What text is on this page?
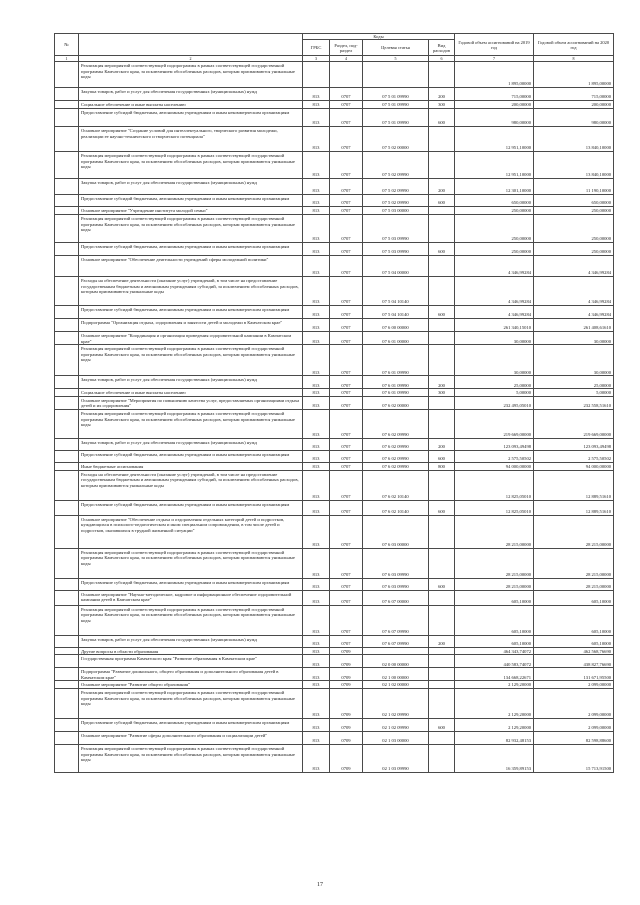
№		Коды				Годовой объем ассигнований на 2019 год	Годовой объем ассигнований на 2020 год
		ГРБС	Раздел, под-раздел	Целевая статья	Вид расходов		
1	2	3	4	5	6	7	8
	Реализация мероприятий соответствующей подпрограммы в рамках соответствующей государственной программы Камчатского края, за исключением обособленных расходов, которым присваиваются уникальные коды					1 895,00000	1 895,00000
	Закупка товаров, работ и услуг для обеспечения государственных (муниципальных) нужд	813	0707	07 5 01 09990	200	715,00000	715,00000
	Социальное обеспечение и иные выплаты населению	813	0707	07 5 01 09990	300	200,00000	200,00000
	Предоставление субсидий бюджетным, автономным учреждениям и иным некоммерческим организациям	813	0707	07 5 01 09990	600	980,00000	980,00000
	Основное мероприятие "Создание условий для интеллектуального, творческого развития молодежи, реализации ее научно-технического и творческого потенциала"	813	0707	07 5 02 00000		12 951,10000	13 840,10000
	Реализация мероприятий соответствующей подпрограммы в рамках соответствующей государственной программы Камчатского края, за исключением обособленных расходов, которым присваиваются уникальные коды	813	0707	07 5 02 09990		12 951,10000	13 840,10000
	Закупка товаров, работ и услуг для обеспечения государственных (муниципальных) нужд	813	0707	07 5 02 09990	200	12 301,10000	11 190,10000
	Предоставление субсидий бюджетным, автономным учреждениям и иным некоммерческим организациям	813	0707	07 5 02 09990	600	650,00000	650,00000
	Основное мероприятие "Учреждение института молодой семьи"	813	0707	07 5 03 00000		250,00000	250,00000
	Реализация мероприятий соответствующей подпрограммы в рамках соответствующей государственной программы Камчатского края, за исключением обособленных расходов, которым присваиваются уникальные коды	813	0707	07 5 03 09990		250,00000	250,00000
	Предоставление субсидий бюджетным, автономным учреждениям и иным некоммерческим организациям	813	0707	07 5 03 09990	600	250,00000	250,00000
	Основное мероприятие "Обеспечение деятельности учреждений сферы молодежной политики"	813	0707	07 5 04 00000		4 346,99284	4 346,99284
	Расходы на обеспечение деятельности (оказание услуг) учреждений, в том числе на предоставление государственным бюджетным и автономным учреждениям субсидий, за исключением обособленных расходов, которым присваиваются уникальные коды	813	0707	07 5 04 10140		4 346,99284	4 346,99284
	Предоставление субсидий бюджетным, автономным учреждениям и иным некоммерческим организациям	813	0707	07 5 04 10140	600	4 346,99284	4 346,99284
	Подпрограмма "Организация отдыха, оздоровления и занятости детей и молодежи в Камчатском крае"	813	0707	07 6 00 00000		261 340,15010	261 408,61610
	Основное мероприятие "Координация и организация проведения оздоровительной кампании в Камчатском крае"	813	0707	07 6 01 00000		30,00000	30,00000
	Реализация мероприятий соответствующей подпрограммы в рамках соответствующей государственной программы Камчатского края, за исключением обособленных расходов, которым присваиваются уникальные коды	813	0707	07 6 01 09990		30,00000	30,00000
	Закупка товаров, работ и услуг для обеспечения государственных (муниципальных) нужд	813	0707	07 6 01 09990	200	25,00000	25,00000
	Социальное обеспечение и иные выплаты населению	813	0707	07 6 01 09990	300	5,00000	5,00000
	Основное мероприятие "Мероприятия по повышению качества услуг, предоставляемых организациями отдыха детей и их оздоровления"	813	0707	07 6 02 00000		232 495,05010	232 558,51610
	Реализация мероприятий соответствующей подпрограммы в рамках соответствующей государственной программы Камчатского края, за исключением обособленных расходов, которым присваиваются уникальные коды	813	0707	07 6 02 09990		219 669,00000	219 669,00000
	Закупка товаров, работ и услуг для обеспечения государственных (муниципальных) нужд	813	0707	07 6 02 09990	200	123 093,49498	123 093,49498
	Предоставление субсидий бюджетным, автономным учреждениям и иным некоммерческим организациям	813	0707	07 6 02 09990	600	2 575,50502	2 575,50502
	Иные бюджетные ассигнования	813	0707	07 6 02 09990	800	94 000,00000	94 000,00000
	Расходы на обеспечение деятельности (оказание услуг) учреждений, в том числе на предоставление государственным бюджетным и автономным учреждениям субсидий, за исключением обособленных расходов, которым присваиваются уникальные коды	813	0707	07 6 02 10140		12 825,05010	12 889,51610
	Предоставление субсидий бюджетным, автономным учреждениям и иным некоммерческим организациям	813	0707	07 6 02 10140	600	12 825,05010	12 889,51610
	Основное мероприятие "Обеспечение отдыха и оздоровления отдельных категорий детей и подростков, нуждающихся в психолого-педагогическом и ином специальном сопровождении, в том числе детей и подростков, оказавшихся в трудной жизненной ситуации"	813	0707	07 6 03 00000		28 215,00000	28 215,00000
	Реализация мероприятий соответствующей подпрограммы в рамках соответствующей государственной программы Камчатского края, за исключением обособленных расходов, которым присваиваются уникальные коды	813	0707	07 6 03 09990		28 215,00000	28 215,00000
	Предоставление субсидий бюджетным, автономным учреждениям и иным некоммерческим организациям	813	0707	07 6 03 09990	600	28 215,00000	28 215,00000
	Основное мероприятие "Научно-методическое, кадровое и информационное обеспечение оздоровительной кампании детей в Камчатском крае"	813	0707	07 6 07 00000		605,10000	605,10000
	Реализация мероприятий соответствующей подпрограммы в рамках соответствующей государственной программы Камчатского края, за исключением обособленных расходов, которым присваиваются уникальные коды	813	0707	07 6 07 09990		605,10000	605,10000
	Закупка товаров, работ и услуг для обеспечения государственных (муниципальных) нужд	813	0707	07 6 07 09990	200	605,10000	605,10000
	Другие вопросы в области образования	813	0709			464 343,74072	462 568,76690
	Государственная программа Камчатского края "Развитие образования в Камчатском крае"	813	0709	02 0 00 00000		440 583,74072	438 827,76690
	Подпрограмма "Развитие дошкольного, общего образования и дополнительного образования детей в Камчатском крае"	813	0709	02 1 00 00000		134 668,22671	131 671,95500
	Основное мероприятие "Развитие общего образования"	813	0709	02 1 02 00000		2 129,20000	2 099,00000
	Реализация мероприятий соответствующей подпрограммы в рамках соответствующей государственной программы Камчатского края, за исключением обособленных расходов, которым присваиваются уникальные коды	813	0709	02 1 02 09990		2 129,20000	2 099,00000
	Предоставление субсидий бюджетным, автономным учреждениям и иным некоммерческим организациям	813	0709	02 1 02 09990	600	2 129,20000	2 099,00000
	Основное мероприятие "Развитие сферы дополнительного образования и социализации детей"	813	0709	02 1 03 00000		82 932,48153	82 598,88600
	Реализация мероприятий соответствующей подпрограммы в рамках соответствующей государственной программы Камчатского края, за исключением обособленных расходов, которым присваиваются уникальные коды	813	0709	02 1 03 09990		16 359,89153	15 713,91500
17
